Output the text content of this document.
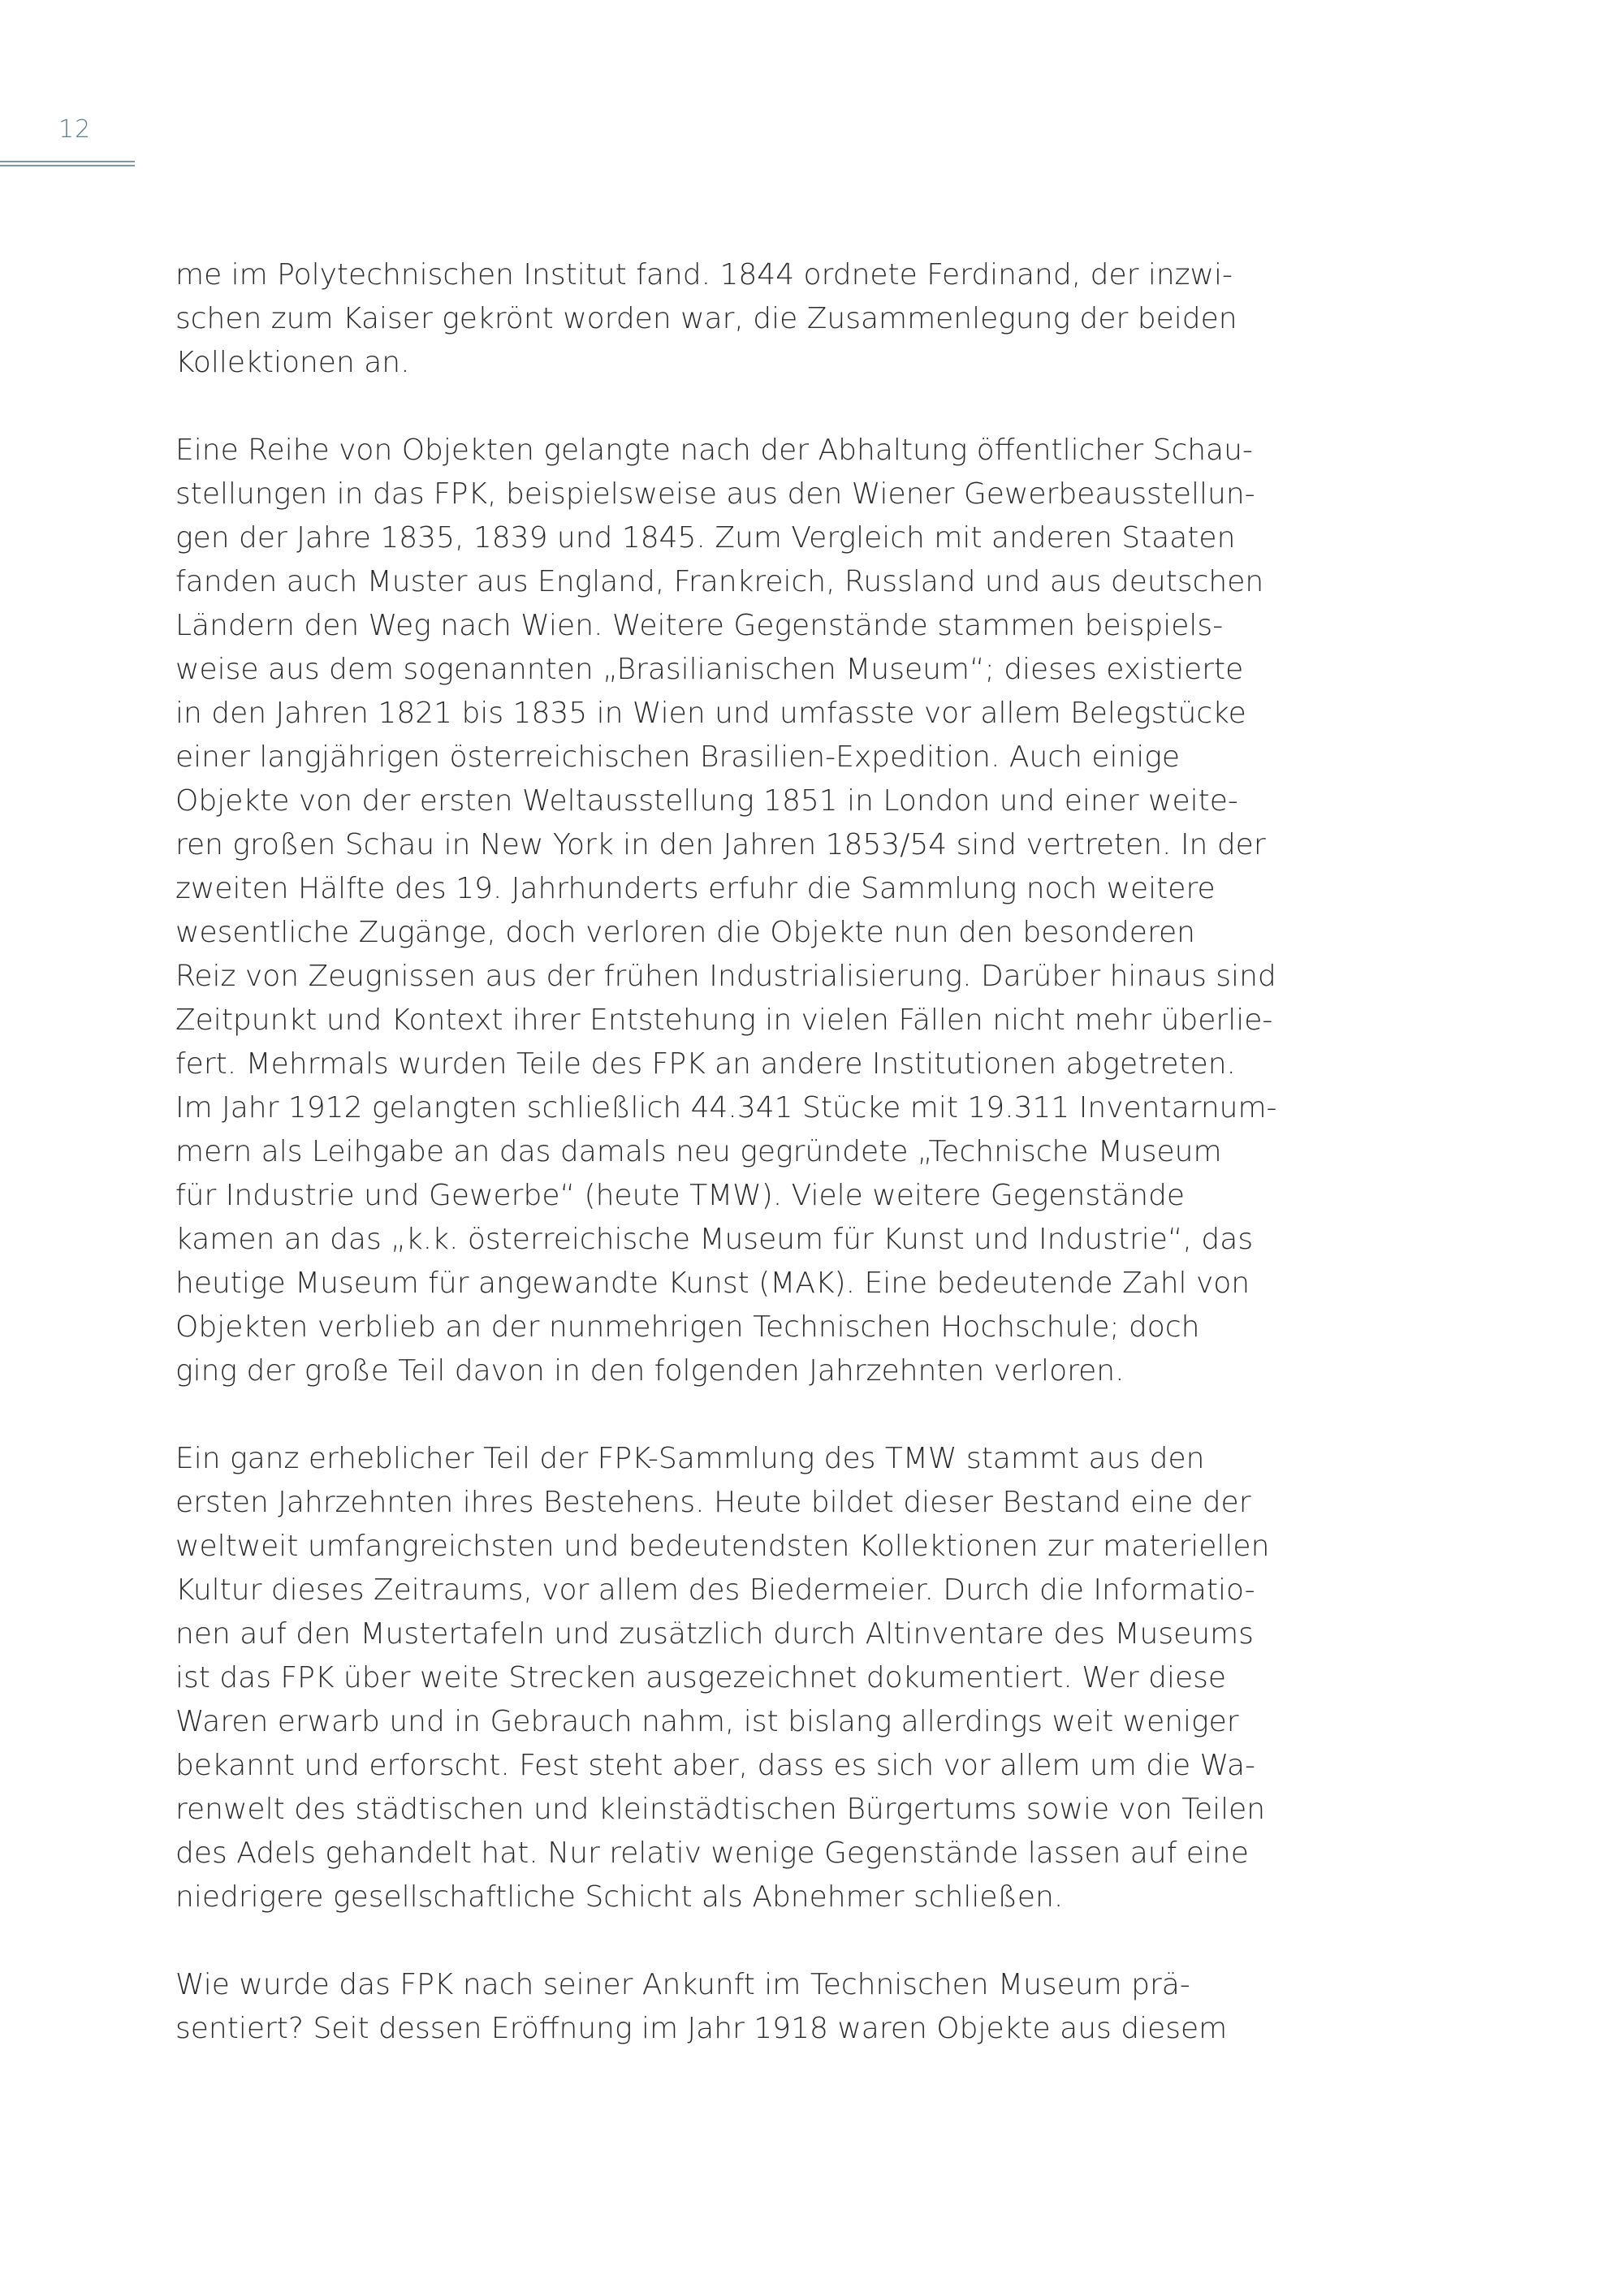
12
me im Polytechnischen Institut fand. 1844 ordnete Ferdinand, der inzwi-
schen zum Kaiser gekrönt worden war, die Zusammenlegung der beiden
Kollektionen an.
Eine Reihe von Objekten gelangte nach der Abhaltung öffentlicher Schau-
stellungen in das FPK, beispielsweise aus den Wiener Gewerbeausstellun-
gen der Jahre 1835, 1839 und 1845. Zum Vergleich mit anderen Staaten
fanden auch Muster aus England, Frankreich, Russland und aus deutschen
Ländern den Weg nach Wien. Weitere Gegenstände stammen beispiels-
weise aus dem sogenannten „Brasilianischen Museum“; dieses existierte
in den Jahren 1821 bis 1835 in Wien und umfasste vor allem Belegstücke
einer langjährigen österreichischen Brasilien-Expedition. Auch einige
Objekte von der ersten Weltausstellung 1851 in London und einer weite-
ren großen Schau in New York in den Jahren 1853/54 sind vertreten. In der
zweiten Hälfte des 19. Jahrhunderts erfuhr die Sammlung noch weitere
wesentliche Zugänge, doch verloren die Objekte nun den besonderen
Reiz von Zeugnissen aus der frühen Industrialisierung. Darüber hinaus sind
Zeitpunkt und Kontext ihrer Entstehung in vielen Fällen nicht mehr überlie-
fert. Mehrmals wurden Teile des FPK an andere Institutionen abgetreten.
Im Jahr 1912 gelangten schließlich 44.341 Stücke mit 19.311 Inventarnum-
mern als Leihgabe an das damals neu gegründete „Technische Museum
für Industrie und Gewerbe“ (heute TMW). Viele weitere Gegenstände
kamen an das „k.k. österreichische Museum für Kunst und Industrie“, das
heutige Museum für angewandte Kunst (MAK). Eine bedeutende Zahl von
Objekten verblieb an der nunmehrigen Technischen Hochschule; doch
ging der große Teil davon in den folgenden Jahrzehnten verloren.
Ein ganz erheblicher Teil der FPK-Sammlung des TMW stammt aus den
ersten Jahrzehnten ihres Bestehens. Heute bildet dieser Bestand eine der
weltweit umfangreichsten und bedeutendsten Kollektionen zur materiellen
Kultur dieses Zeitraums, vor allem des Biedermeier. Durch die Informatio-
nen auf den Mustertafeln und zusätzlich durch Altinventare des Museums
ist das FPK über weite Strecken ausgezeichnet dokumentiert. Wer diese
Waren erwarb und in Gebrauch nahm, ist bislang allerdings weit weniger
bekannt und erforscht. Fest steht aber, dass es sich vor allem um die Wa-
renwelt des städtischen und kleinstädtischen Bürgertums sowie von Teilen
des Adels gehandelt hat. Nur relativ wenige Gegenstände lassen auf eine
niedrigere gesellschaftliche Schicht als Abnehmer schließen.
Wie wurde das FPK nach seiner Ankunft im Technischen Museum prä-
sentiert? Seit dessen Eröffnung im Jahr 1918 waren Objekte aus diesem
